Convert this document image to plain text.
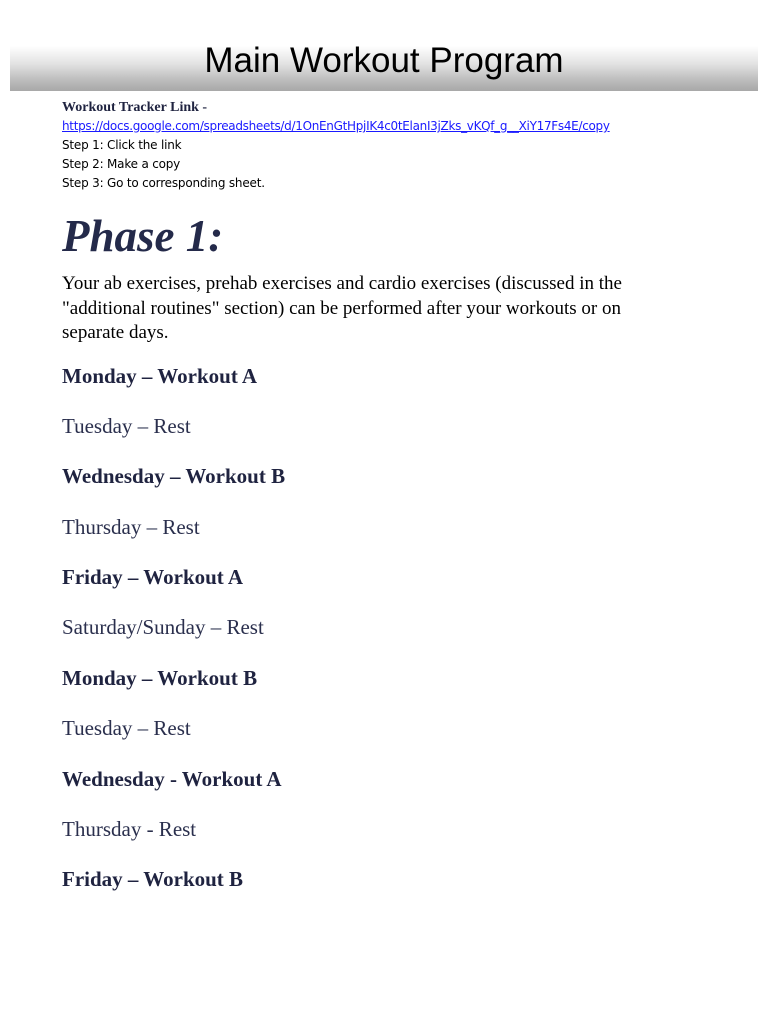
Main Workout Program
Workout Tracker Link -
https://docs.google.com/spreadsheets/d/1OnEnGtHpjIK4c0tElanI3jZks_vKQf_g__XiY17Fs4E/copy

Step 1: Click the link

Step 2: Make a copy

Step 3: Go to corresponding sheet.

Phase 1:

Your ab exercises, prehab exercises and cardio exercises (discussed in the "additional routines" section) can be performed after your workouts or on separate days.

Monday – Workout A
Tuesday – Rest
Wednesday – Workout B
Thursday – Rest
Friday – Workout A
Saturday/Sunday – Rest
Monday – Workout B
Tuesday – Rest
Wednesday - Workout A
Thursday - Rest
Friday – Workout B
